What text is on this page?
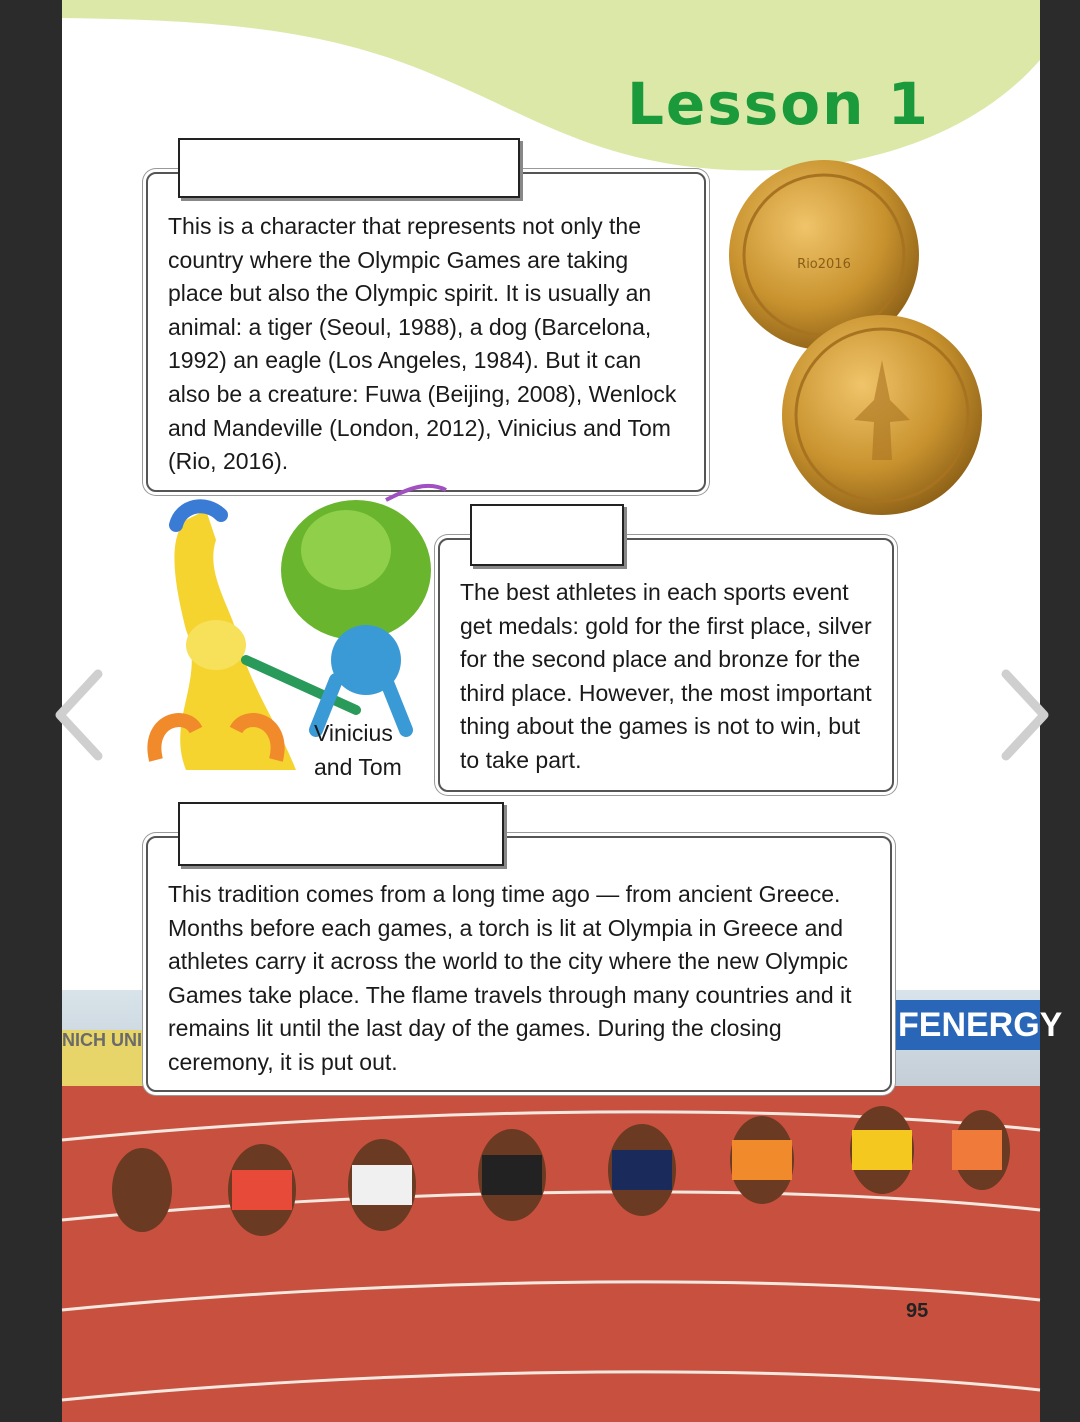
Lesson 1

This is a character that represents not only the country where the Olympic Games are taking place but also the Olympic spirit. It is usually an animal: a tiger (Seoul, 1988), a dog (Barcelona, 1992) an eagle (Los Angeles, 1984). But it can also be a creature: Fuwa (Beijing, 2008), Wenlock and Mandeville (London, 2012), Vinicius and Tom (Rio, 2016).

Rio2016
Vinicius
and Tom

The best athletes in each sports event get medals: gold for the first place, silver for the second place and bronze for the third place. However, the most important thing about the games is not to win, but to take part.

NICH UNI	FENERGY

This tradition comes from a long time ago — from ancient Greece. Months before each games, a torch is lit at Olympia in Greece and athletes carry it across the world to the city where the new Olympic Games take place. The flame travels through many countries and it remains lit until the last day of the games. During the closing ceremony, it is put out.

95
